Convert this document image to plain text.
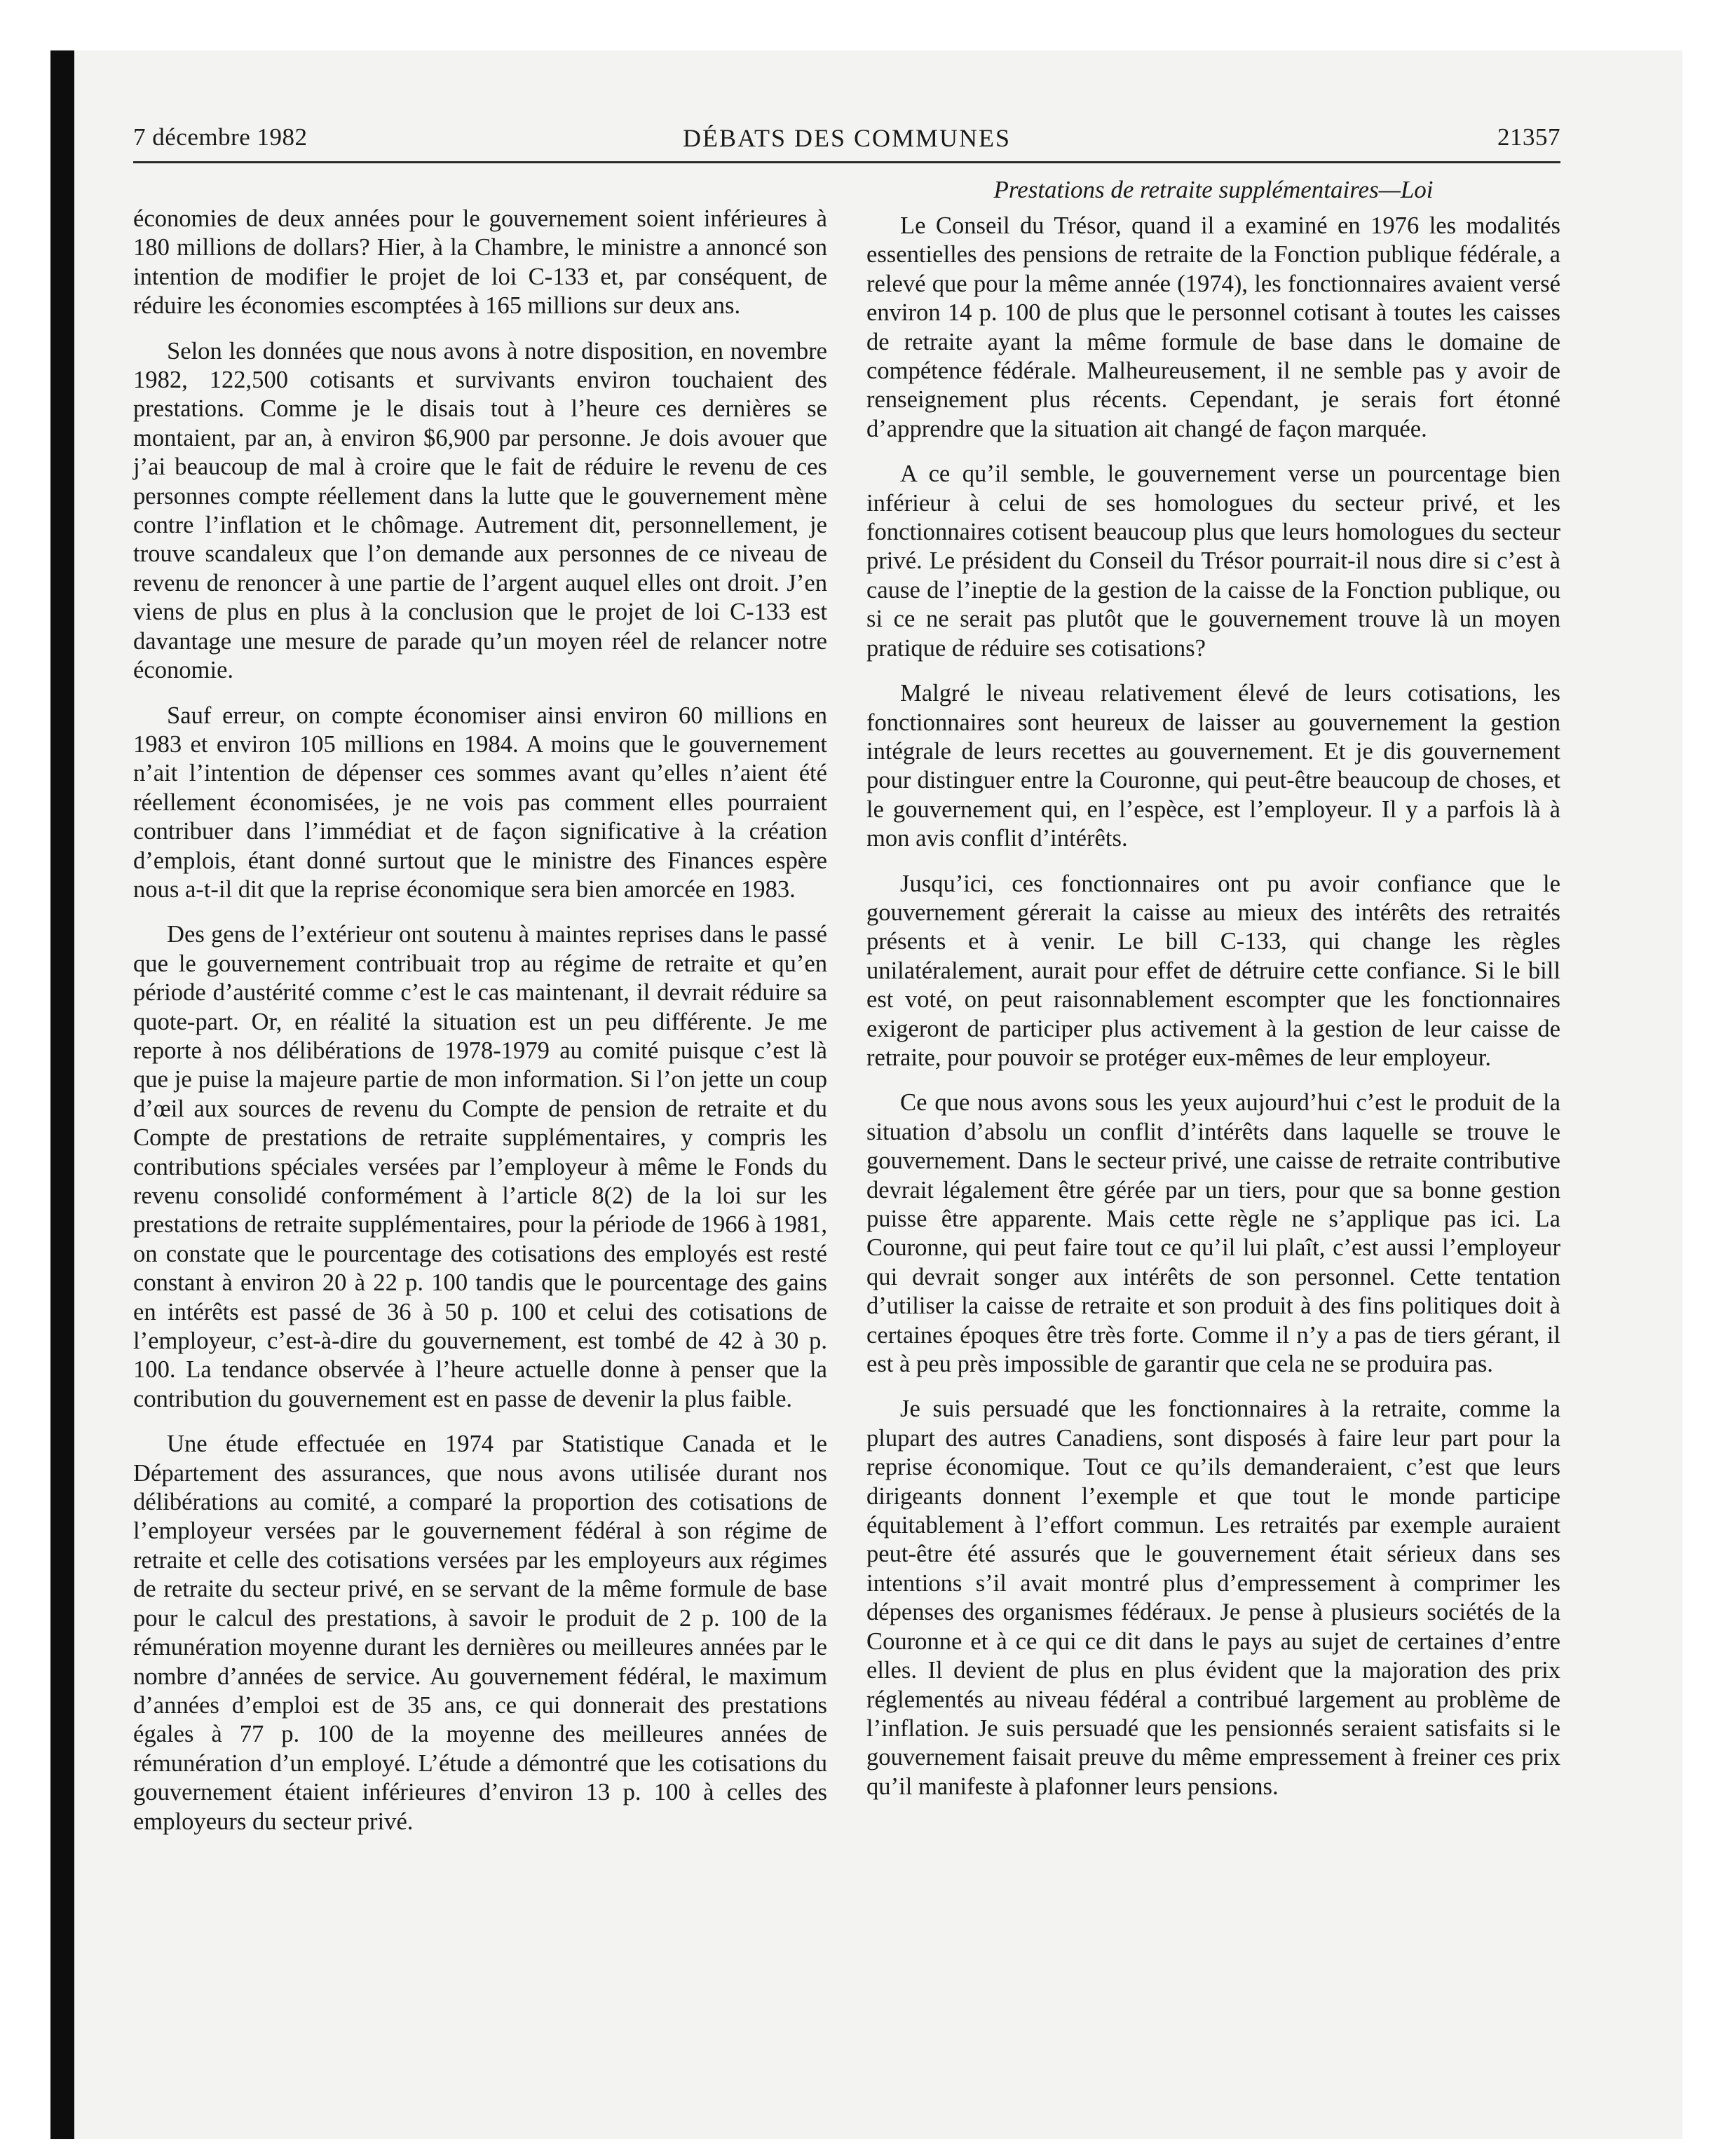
7 décembre 1982	DÉBATS DES COMMUNES	21357

économies de deux années pour le gouvernement soient inférieures à 180 millions de dollars? Hier, à la Chambre, le ministre a annoncé son intention de modifier le projet de loi C-133 et, par conséquent, de réduire les économies escomptées à 165 millions sur deux ans.

Selon les données que nous avons à notre disposition, en novembre 1982, 122,500 cotisants et survivants environ touchaient des prestations. Comme je le disais tout à l’heure ces dernières se montaient, par an, à environ $6,900 par personne. Je dois avouer que j’ai beaucoup de mal à croire que le fait de réduire le revenu de ces personnes compte réellement dans la lutte que le gouvernement mène contre l’inflation et le chômage. Autrement dit, personnellement, je trouve scandaleux que l’on demande aux personnes de ce niveau de revenu de renoncer à une partie de l’argent auquel elles ont droit. J’en viens de plus en plus à la conclusion que le projet de loi C-133 est davantage une mesure de parade qu’un moyen réel de relancer notre économie.

Sauf erreur, on compte économiser ainsi environ 60 millions en 1983 et environ 105 millions en 1984. A moins que le gouvernement n’ait l’intention de dépenser ces sommes avant qu’elles n’aient été réellement économisées, je ne vois pas comment elles pourraient contribuer dans l’immédiat et de façon significative à la création d’emplois, étant donné surtout que le ministre des Finances espère nous a-t-il dit que la reprise économique sera bien amorcée en 1983.

Des gens de l’extérieur ont soutenu à maintes reprises dans le passé que le gouvernement contribuait trop au régime de retraite et qu’en période d’austérité comme c’est le cas maintenant, il devrait réduire sa quote-part. Or, en réalité la situation est un peu différente. Je me reporte à nos délibérations de 1978-1979 au comité puisque c’est là que je puise la majeure partie de mon information. Si l’on jette un coup d’œil aux sources de revenu du Compte de pension de retraite et du Compte de prestations de retraite supplémentaires, y compris les contributions spéciales versées par l’employeur à même le Fonds du revenu consolidé conformément à l’article 8(2) de la loi sur les prestations de retraite supplémentaires, pour la période de 1966 à 1981, on constate que le pourcentage des cotisations des employés est resté constant à environ 20 à 22 p. 100 tandis que le pourcentage des gains en intérêts est passé de 36 à 50 p. 100 et celui des cotisations de l’employeur, c’est-à-dire du gouvernement, est tombé de 42 à 30 p. 100. La tendance observée à l’heure actuelle donne à penser que la contribution du gouvernement est en passe de devenir la plus faible.

Une étude effectuée en 1974 par Statistique Canada et le Département des assurances, que nous avons utilisée durant nos délibérations au comité, a comparé la proportion des cotisations de l’employeur versées par le gouvernement fédéral à son régime de retraite et celle des cotisations versées par les employeurs aux régimes de retraite du secteur privé, en se servant de la même formule de base pour le calcul des prestations, à savoir le produit de 2 p. 100 de la rémunération moyenne durant les dernières ou meilleures années par le nombre d’années de service. Au gouvernement fédéral, le maximum d’années d’emploi est de 35 ans, ce qui donnerait des prestations égales à 77 p. 100 de la moyenne des meilleures années de rémunération d’un employé. L’étude a démontré que les cotisations du gouvernement étaient inférieures d’environ 13 p. 100 à celles des employeurs du secteur privé.

Prestations de retraite supplémentaires—Loi

Le Conseil du Trésor, quand il a examiné en 1976 les modalités essentielles des pensions de retraite de la Fonction publique fédérale, a relevé que pour la même année (1974), les fonctionnaires avaient versé environ 14 p. 100 de plus que le personnel cotisant à toutes les caisses de retraite ayant la même formule de base dans le domaine de compétence fédérale. Malheureusement, il ne semble pas y avoir de renseignement plus récents. Cependant, je serais fort étonné d’apprendre que la situation ait changé de façon marquée.

A ce qu’il semble, le gouvernement verse un pourcentage bien inférieur à celui de ses homologues du secteur privé, et les fonctionnaires cotisent beaucoup plus que leurs homologues du secteur privé. Le président du Conseil du Trésor pourrait-il nous dire si c’est à cause de l’ineptie de la gestion de la caisse de la Fonction publique, ou si ce ne serait pas plutôt que le gouvernement trouve là un moyen pratique de réduire ses cotisations?

Malgré le niveau relativement élevé de leurs cotisations, les fonctionnaires sont heureux de laisser au gouvernement la gestion intégrale de leurs recettes au gouvernement. Et je dis gouvernement pour distinguer entre la Couronne, qui peut-être beaucoup de choses, et le gouvernement qui, en l’espèce, est l’employeur. Il y a parfois là à mon avis conflit d’intérêts.

Jusqu’ici, ces fonctionnaires ont pu avoir confiance que le gouvernement gérerait la caisse au mieux des intérêts des retraités présents et à venir. Le bill C-133, qui change les règles unilatéralement, aurait pour effet de détruire cette confiance. Si le bill est voté, on peut raisonnablement escompter que les fonctionnaires exigeront de participer plus activement à la gestion de leur caisse de retraite, pour pouvoir se protéger eux-mêmes de leur employeur.

Ce que nous avons sous les yeux aujourd’hui c’est le produit de la situation d’absolu un conflit d’intérêts dans laquelle se trouve le gouvernement. Dans le secteur privé, une caisse de retraite contributive devrait légalement être gérée par un tiers, pour que sa bonne gestion puisse être apparente. Mais cette règle ne s’applique pas ici. La Couronne, qui peut faire tout ce qu’il lui plaît, c’est aussi l’employeur qui devrait songer aux intérêts de son personnel. Cette tentation d’utiliser la caisse de retraite et son produit à des fins politiques doit à certaines époques être très forte. Comme il n’y a pas de tiers gérant, il est à peu près impossible de garantir que cela ne se produira pas.

Je suis persuadé que les fonctionnaires à la retraite, comme la plupart des autres Canadiens, sont disposés à faire leur part pour la reprise économique. Tout ce qu’ils demanderaient, c’est que leurs dirigeants donnent l’exemple et que tout le monde participe équitablement à l’effort commun. Les retraités par exemple auraient peut-être été assurés que le gouvernement était sérieux dans ses intentions s’il avait montré plus d’empressement à comprimer les dépenses des organismes fédéraux. Je pense à plusieurs sociétés de la Couronne et à ce qui ce dit dans le pays au sujet de certaines d’entre elles. Il devient de plus en plus évident que la majoration des prix réglementés au niveau fédéral a contribué largement au problème de l’inflation. Je suis persuadé que les pensionnés seraient satisfaits si le gouvernement faisait preuve du même empressement à freiner ces prix qu’il manifeste à plafonner leurs pensions.
